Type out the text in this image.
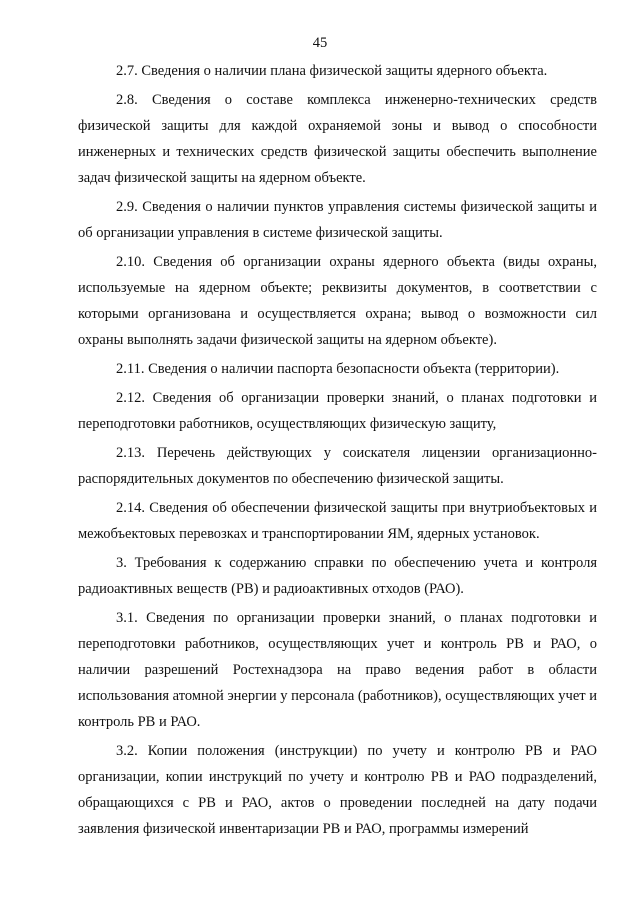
45

2.7. Сведения о наличии плана физической защиты ядерного объекта.

2.8. Сведения о составе комплекса инженерно-технических средств физической защиты для каждой охраняемой зоны и вывод о способности инженерных и технических средств физической защиты обеспечить выполнение задач физической защиты на ядерном объекте.

2.9. Сведения о наличии пунктов управления системы физической защиты и об организации управления в системе физической защиты.

2.10. Сведения об организации охраны ядерного объекта (виды охраны, используемые на ядерном объекте; реквизиты документов, в соответствии с которыми организована и осуществляется охрана; вывод о возможности сил охраны выполнять задачи физической защиты на ядерном объекте).

2.11. Сведения о наличии паспорта безопасности объекта (территории).

2.12. Сведения об организации проверки знаний, о планах подготовки и переподготовки работников, осуществляющих физическую защиту,

2.13. Перечень действующих у соискателя лицензии организационно-распорядительных документов по обеспечению физической защиты.

2.14. Сведения об обеспечении физической защиты при внутриобъектовых и межобъектовых перевозках и транспортировании ЯМ, ядерных установок.

3. Требования к содержанию справки по обеспечению учета и контроля радиоактивных веществ (РВ) и радиоактивных отходов (РАО).

3.1. Сведения по организации проверки знаний, о планах подготовки и переподготовки работников, осуществляющих учет и контроль РВ и РАО, о наличии разрешений Ростехнадзора на право ведения работ в области использования атомной энергии у персонала (работников), осуществляющих учет и контроль РВ и РАО.

3.2. Копии положения (инструкции) по учету и контролю РВ и РАО организации, копии инструкций по учету и контролю РВ и РАО подразделений, обращающихся с РВ и РАО, актов о проведении последней на дату подачи заявления физической инвентаризации РВ и РАО, программы измерений
